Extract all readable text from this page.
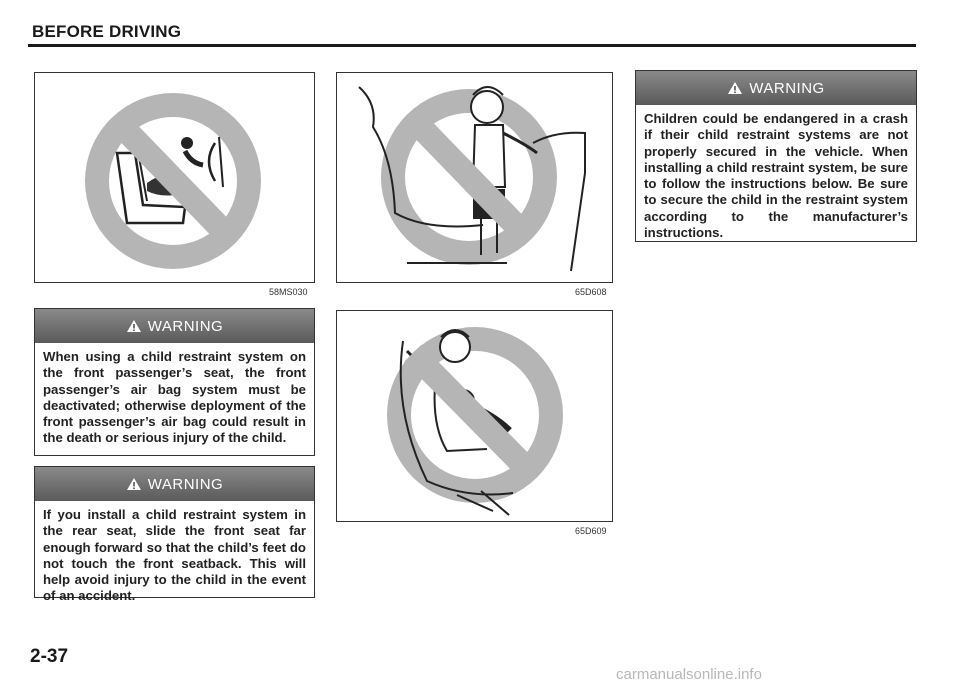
BEFORE DRIVING
58MS030	65D608
65D609
WARNING
When using a child restraint system on the front passenger’s seat, the front passenger’s air bag system must be deactivated; otherwise deployment of the front passenger’s air bag could result in the death or serious injury of the child.
WARNING
If you install a child restraint system in the rear seat, slide the front seat far enough forward so that the child’s feet do not touch the front seatback. This will help avoid injury to the child in the event of an accident.
WARNING
Children could be endangered in a crash if their child restraint systems are not properly secured in the vehicle. When installing a child restraint system, be sure to follow the instructions below. Be sure to secure the child in the restraint system according to the manufacturer’s instructions.
2-37
carmanualsonline.info
